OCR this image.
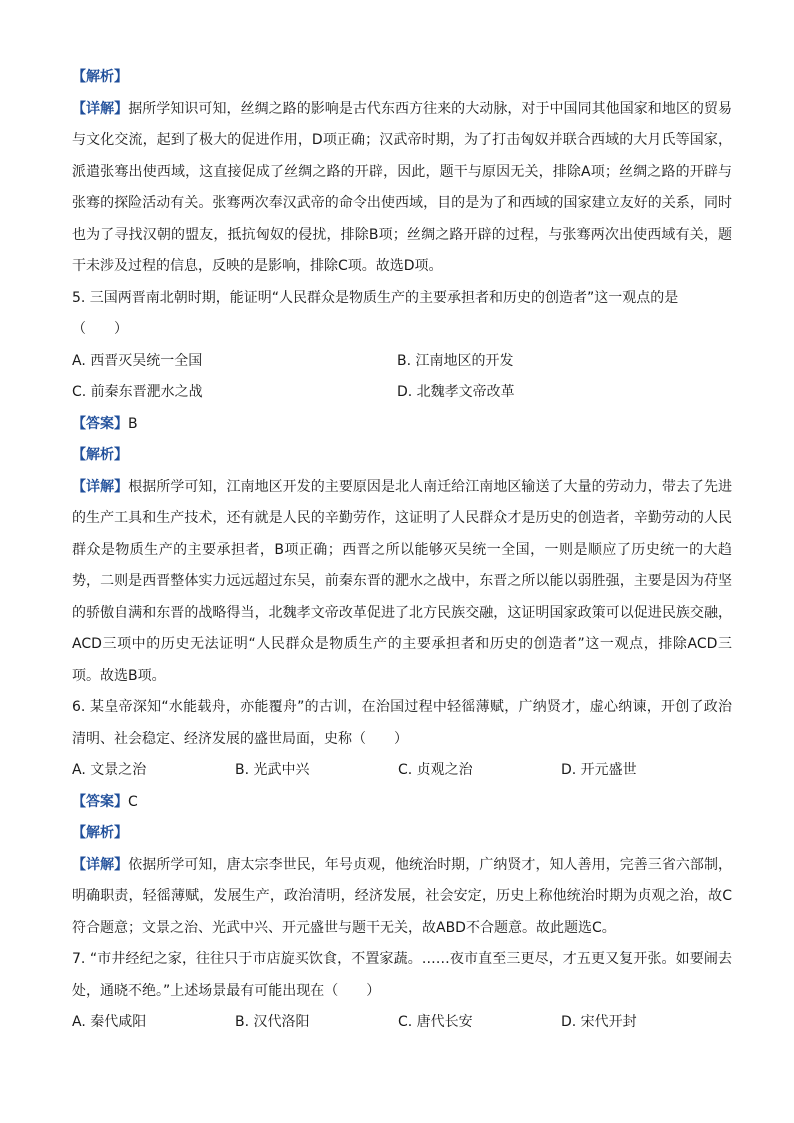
【解析】
【详解】据所学知识可知，丝绸之路的影响是古代东西方往来的大动脉，对于中国同其他国家和地区的贸易与文化交流，起到了极大的促进作用，D项正确；汉武帝时期，为了打击匈奴并联合西域的大月氏等国家，派遣张骞出使西域，这直接促成了丝绸之路的开辟，因此，题干与原因无关，排除A项；丝绸之路的开辟与张骞的探险活动有关。张骞两次奉汉武帝的命令出使西域，目的是为了和西域的国家建立友好的关系，同时也为了寻找汉朝的盟友，抵抗匈奴的侵扰，排除B项；丝绸之路开辟的过程，与张骞两次出使西域有关，题干未涉及过程的信息，反映的是影响，排除C项。故选D项。
5. 三国两晋南北朝时期，能证明“人民群众是物质生产的主要承担者和历史的创造者”这一观点的是
（　　）
A. 西晋灭吴统一全国	B. 江南地区的开发
C. 前秦东晋淝水之战	D. 北魏孝文帝改革
【答案】B
【解析】
【详解】根据所学可知，江南地区开发的主要原因是北人南迁给江南地区输送了大量的劳动力，带去了先进的生产工具和生产技术，还有就是人民的辛勤劳作，这证明了人民群众才是历史的创造者，辛勤劳动的人民群众是物质生产的主要承担者，B项正确；西晋之所以能够灭吴统一全国，一则是顺应了历史统一的大趋势，二则是西晋整体实力远远超过东吴，前秦东晋的淝水之战中，东晋之所以能以弱胜强，主要是因为苻坚的骄傲自满和东晋的战略得当，北魏孝文帝改革促进了北方民族交融，这证明国家政策可以促进民族交融，ACD三项中的历史无法证明“人民群众是物质生产的主要承担者和历史的创造者”这一观点，排除ACD三项。故选B项。
6. 某皇帝深知“水能载舟，亦能覆舟”的古训，在治国过程中轻徭薄赋，广纳贤才，虚心纳谏，开创了政治清明、社会稳定、经济发展的盛世局面，史称（　　）
A. 文景之治	B. 光武中兴	C. 贞观之治	D. 开元盛世
【答案】C
【解析】
【详解】依据所学可知，唐太宗李世民，年号贞观，他统治时期，广纳贤才，知人善用，完善三省六部制，明确职责，轻徭薄赋，发展生产，政治清明，经济发展，社会安定，历史上称他统治时期为贞观之治，故C符合题意；文景之治、光武中兴、开元盛世与题干无关，故ABD不合题意。故此题选C。
7. “市井经纪之家，往往只于市店旋买饮食，不置家蔬。……夜市直至三更尽，才五更又复开张。如要闹去处，通晓不绝。”上述场景最有可能出现在（　　）
A. 秦代咸阳	B. 汉代洛阳	C. 唐代长安	D. 宋代开封
